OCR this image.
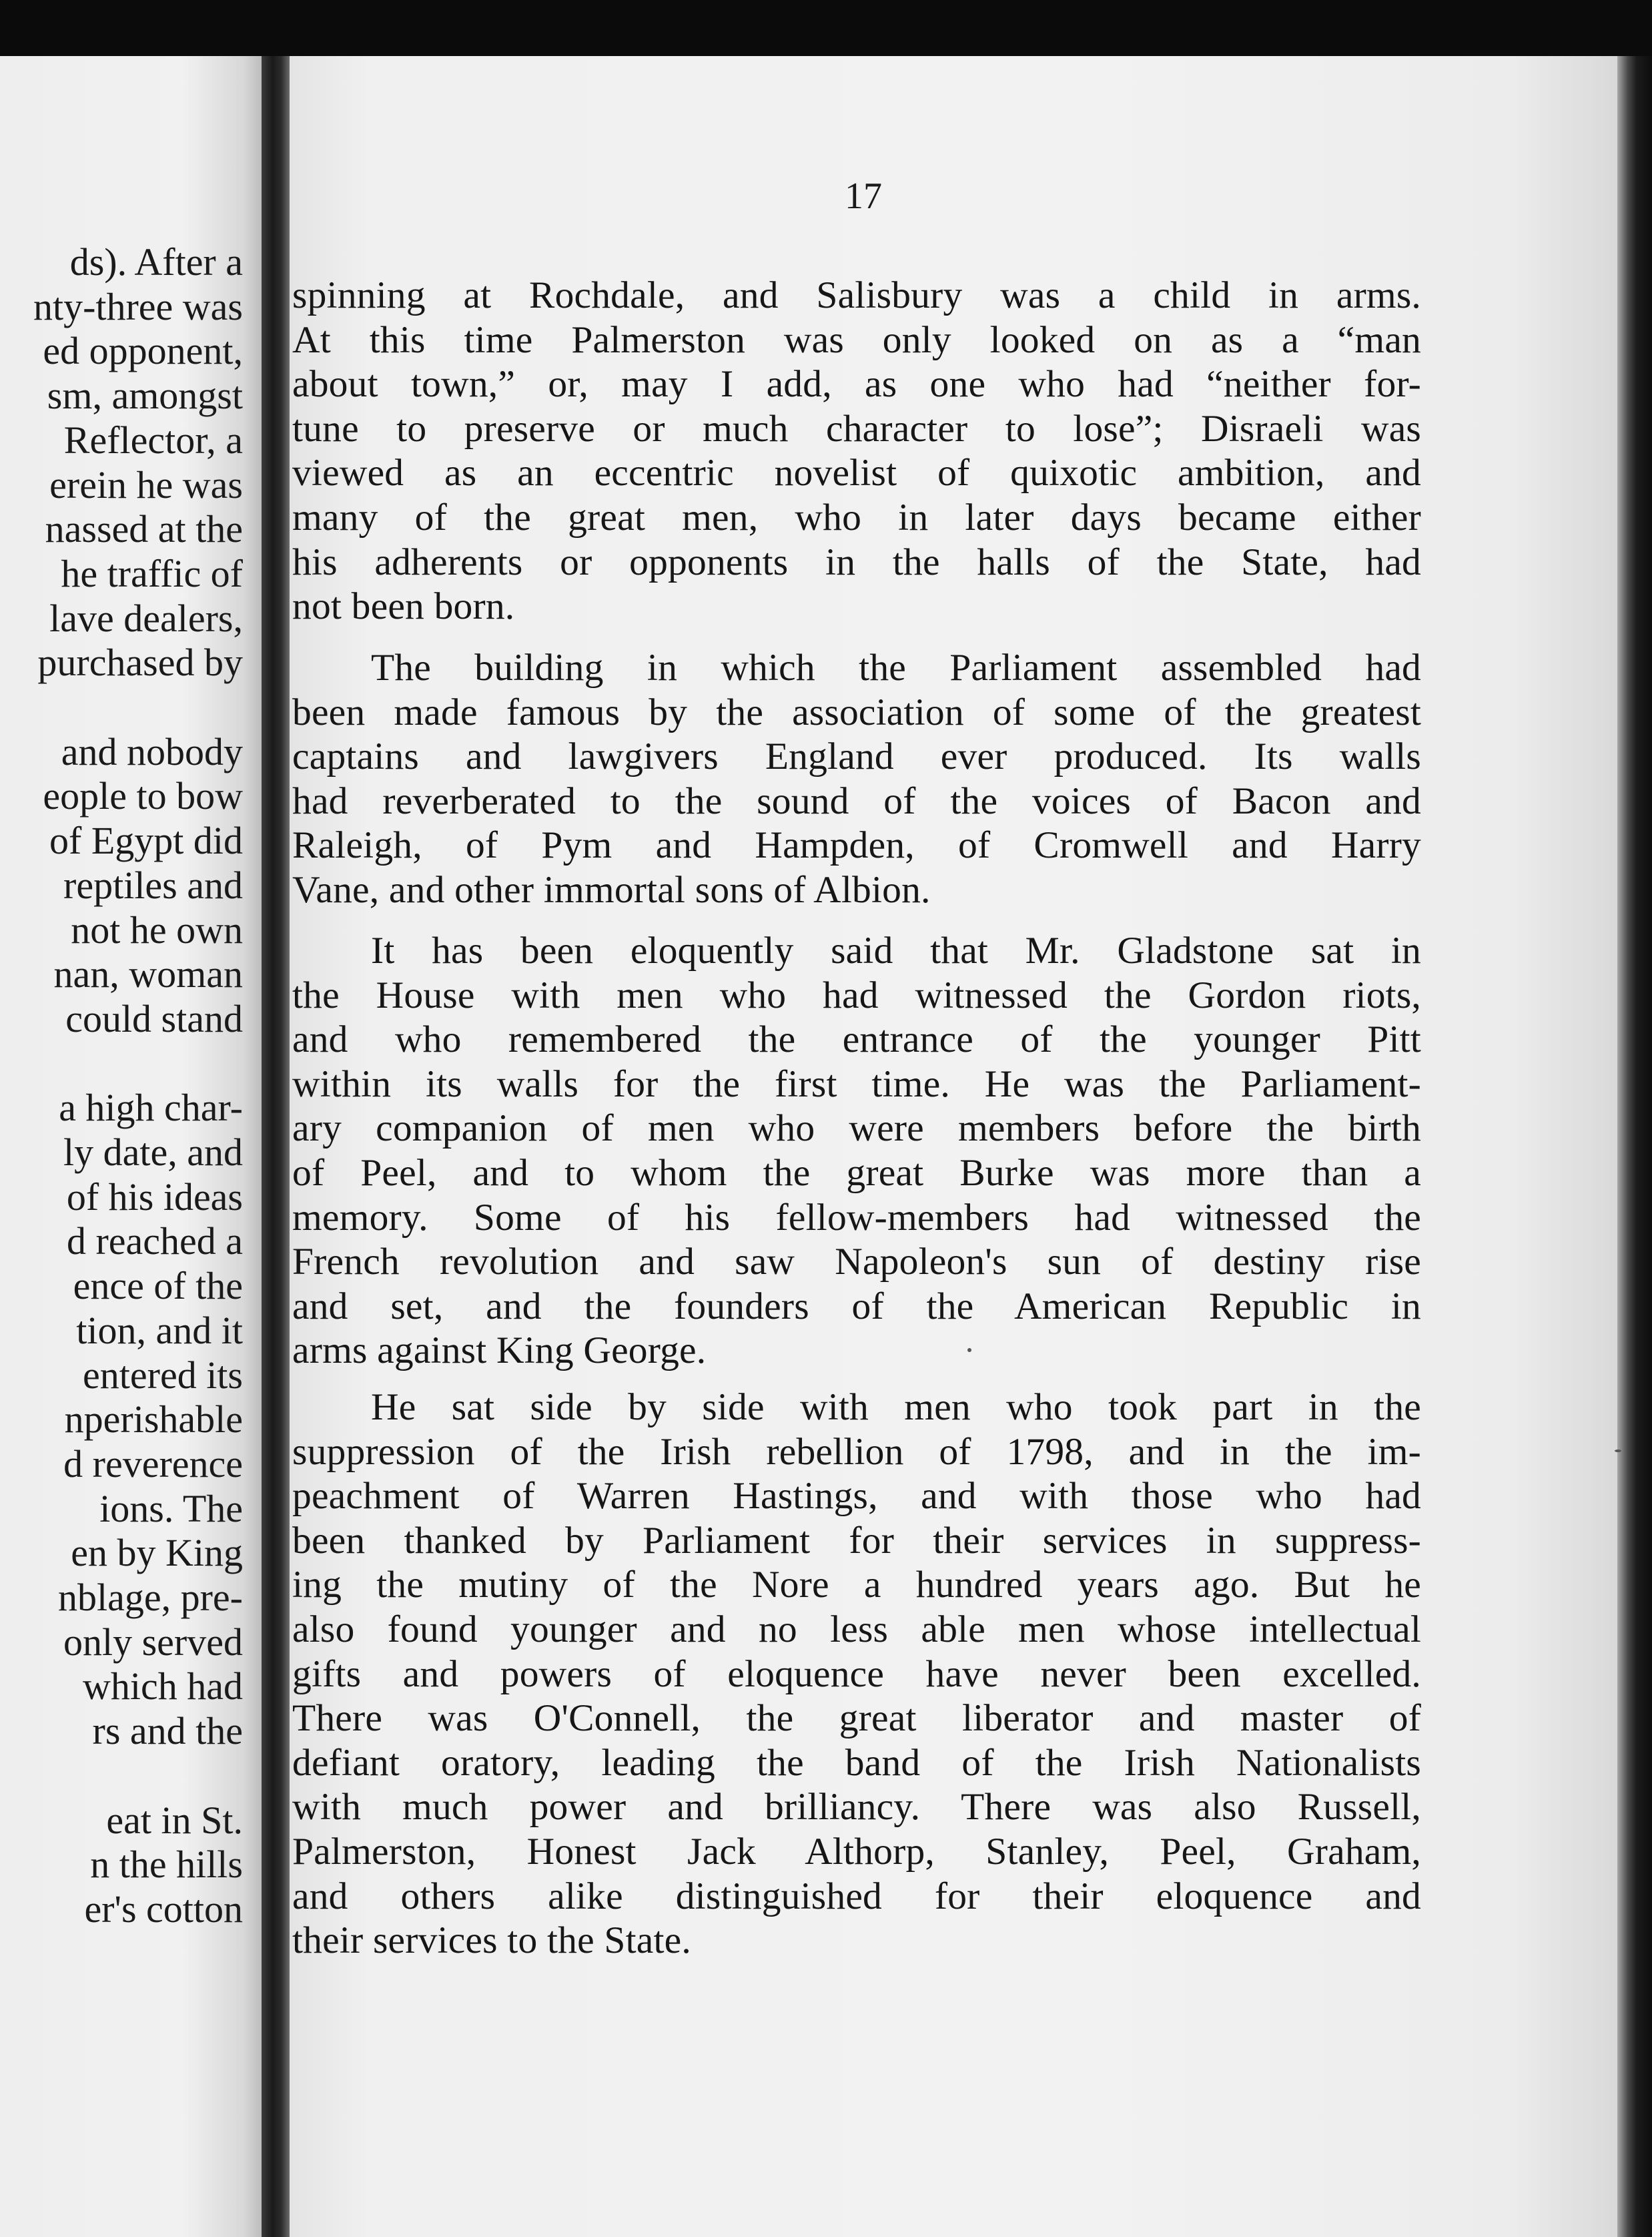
ds). After a
nty-three was
ed opponent,
sm, amongst
Reflector, a
erein he was
nassed at the
he traffic of
lave dealers,
purchased by
and nobody
eople to bow
of Egypt did
reptiles and
not he own
nan, woman
could stand
a high char-
ly date, and
of his ideas
d reached a
ence of the
tion, and it
entered its
nperishable
d reverence
ions. The
en by King
nblage, pre-
only served
which had
rs and the
eat in St.
n the hills
er's cotton
17
spinning at Rochdale, and Salisbury was a child in arms.
At this time Palmerston was only looked on as a “man
about town,” or, may I add, as one who had “neither for-
tune to preserve or much character to lose”; Disraeli was
viewed as an eccentric novelist of quixotic ambition, and
many of the great men, who in later days became either
his adherents or opponents in the halls of the State, had
not been born.
The building in which the Parliament assembled had
been made famous by the association of some of the greatest
captains and lawgivers England ever produced. Its walls
had reverberated to the sound of the voices of Bacon and
Raleigh, of Pym and Hampden, of Cromwell and Harry
Vane, and other immortal sons of Albion.
It has been eloquently said that Mr. Gladstone sat in
the House with men who had witnessed the Gordon riots,
and who remembered the entrance of the younger Pitt
within its walls for the first time. He was the Parliament-
ary companion of men who were members before the birth
of Peel, and to whom the great Burke was more than a
memory. Some of his fellow-members had witnessed the
French revolution and saw Napoleon's sun of destiny rise
and set, and the founders of the American Republic in
arms against King George.
He sat side by side with men who took part in the
suppression of the Irish rebellion of 1798, and in the im-
peachment of Warren Hastings, and with those who had
been thanked by Parliament for their services in suppress-
ing the mutiny of the Nore a hundred years ago. But he
also found younger and no less able men whose intellectual
gifts and powers of eloquence have never been excelled.
There was O'Connell, the great liberator and master of
defiant oratory, leading the band of the Irish Nationalists
with much power and brilliancy. There was also Russell,
Palmerston, Honest Jack Althorp, Stanley, Peel, Graham,
and others alike distinguished for their eloquence and
their services to the State.
